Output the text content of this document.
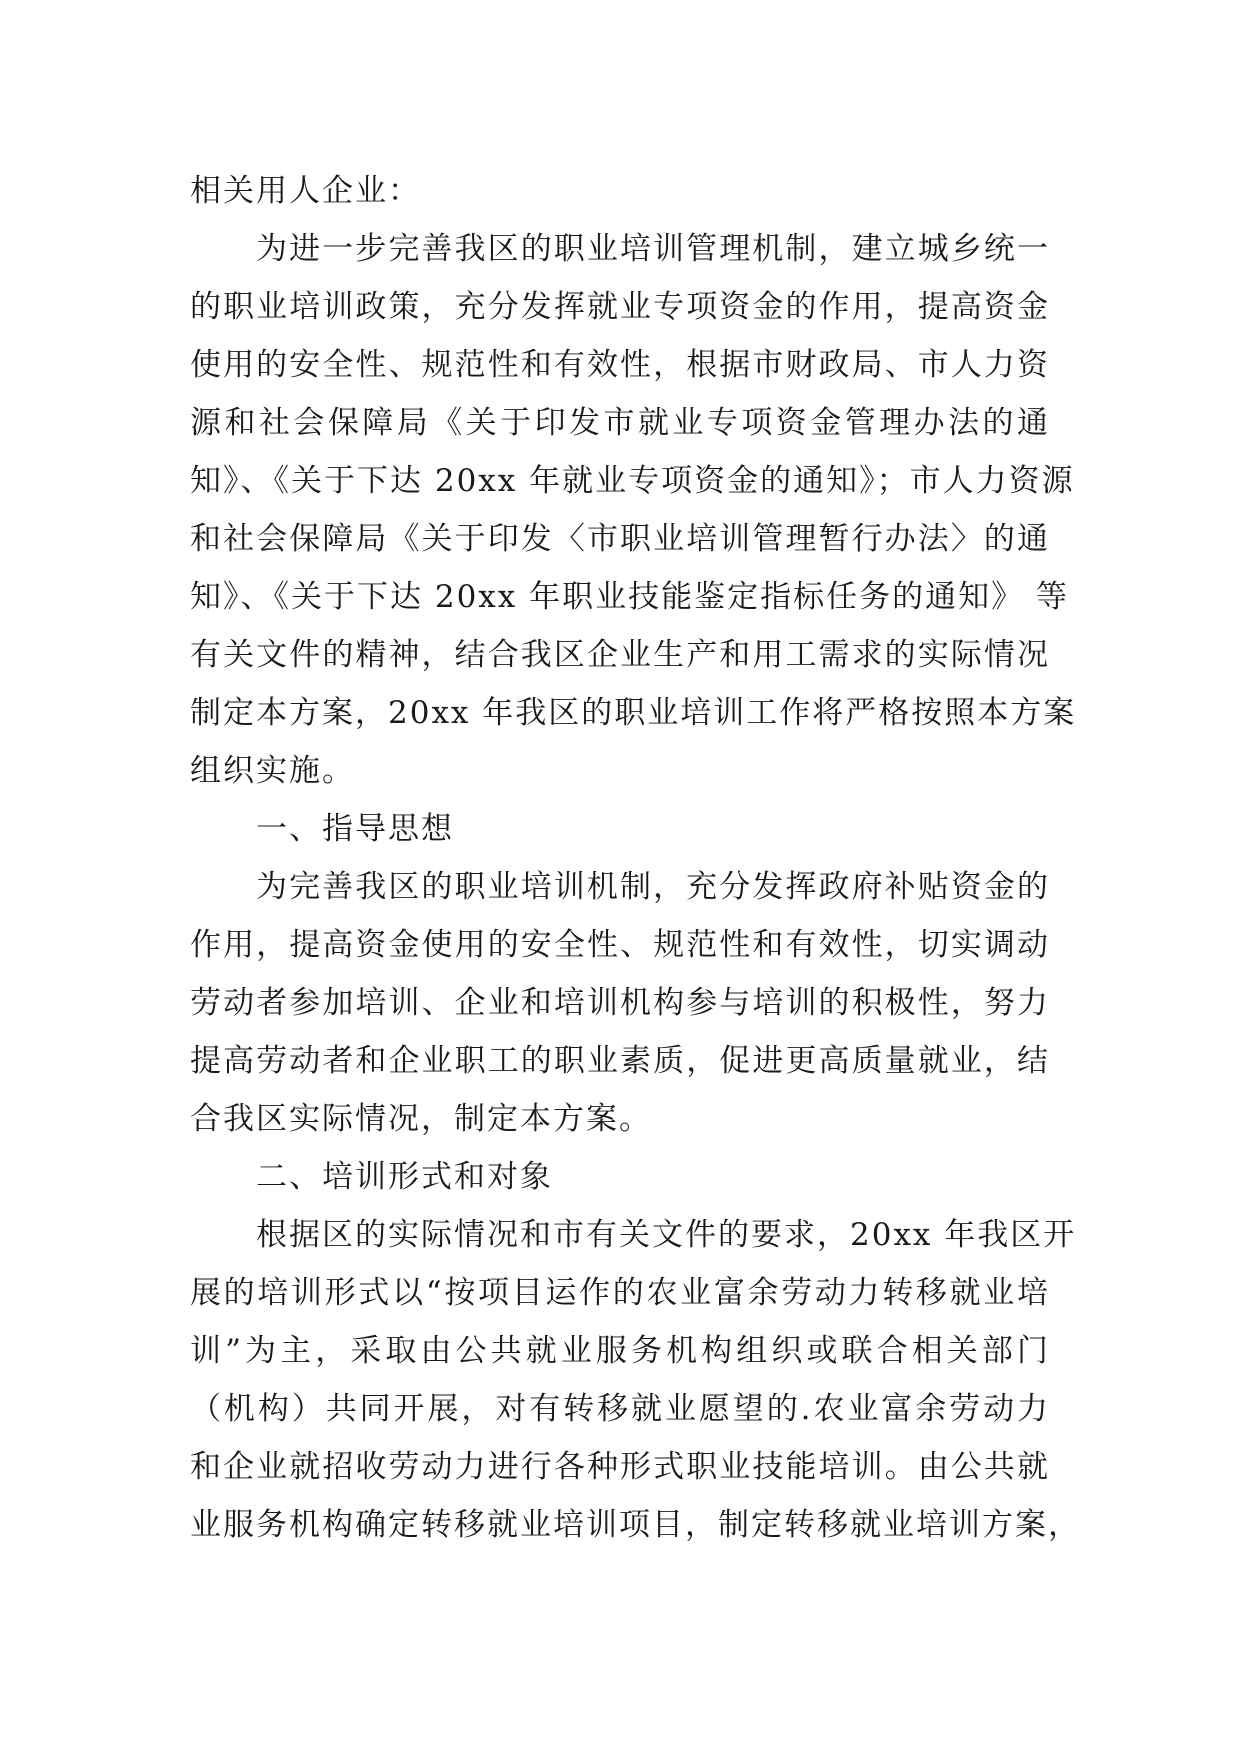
相关用人企业：
为进一步完善我区的职业培训管理机制，建立城乡统一
的职业培训政策，充分发挥就业专项资金的作用，提高资金
使用的安全性、规范性和有效性，根据市财政局、市人力资
源和社会保障局《关于印发市就业专项资金管理办法的通
知》、《关于下达 20xx 年就业专项资金的通知》；市人力资源
和社会保障局《关于印发〈市职业培训管理暂行办法〉的通
知》、《关于下达 20xx 年职业技能鉴定指标任务的通知》 等
有关文件的精神，结合我区企业生产和用工需求的实际情况
制定本方案，20xx 年我区的职业培训工作将严格按照本方案
组织实施。
一、指导思想
为完善我区的职业培训机制，充分发挥政府补贴资金的
作用，提高资金使用的安全性、规范性和有效性，切实调动
劳动者参加培训、企业和培训机构参与培训的积极性，努力
提高劳动者和企业职工的职业素质，促进更高质量就业，结
合我区实际情况，制定本方案。
二、培训形式和对象
根据区的实际情况和市有关文件的要求，20xx 年我区开
展的培训形式以“按项目运作的农业富余劳动力转移就业培
训”为主，采取由公共就业服务机构组织或联合相关部门
（机构）共同开展，对有转移就业愿望的.农业富余劳动力
和企业就招收劳动力进行各种形式职业技能培训。由公共就
业服务机构确定转移就业培训项目，制定转移就业培训方案，
